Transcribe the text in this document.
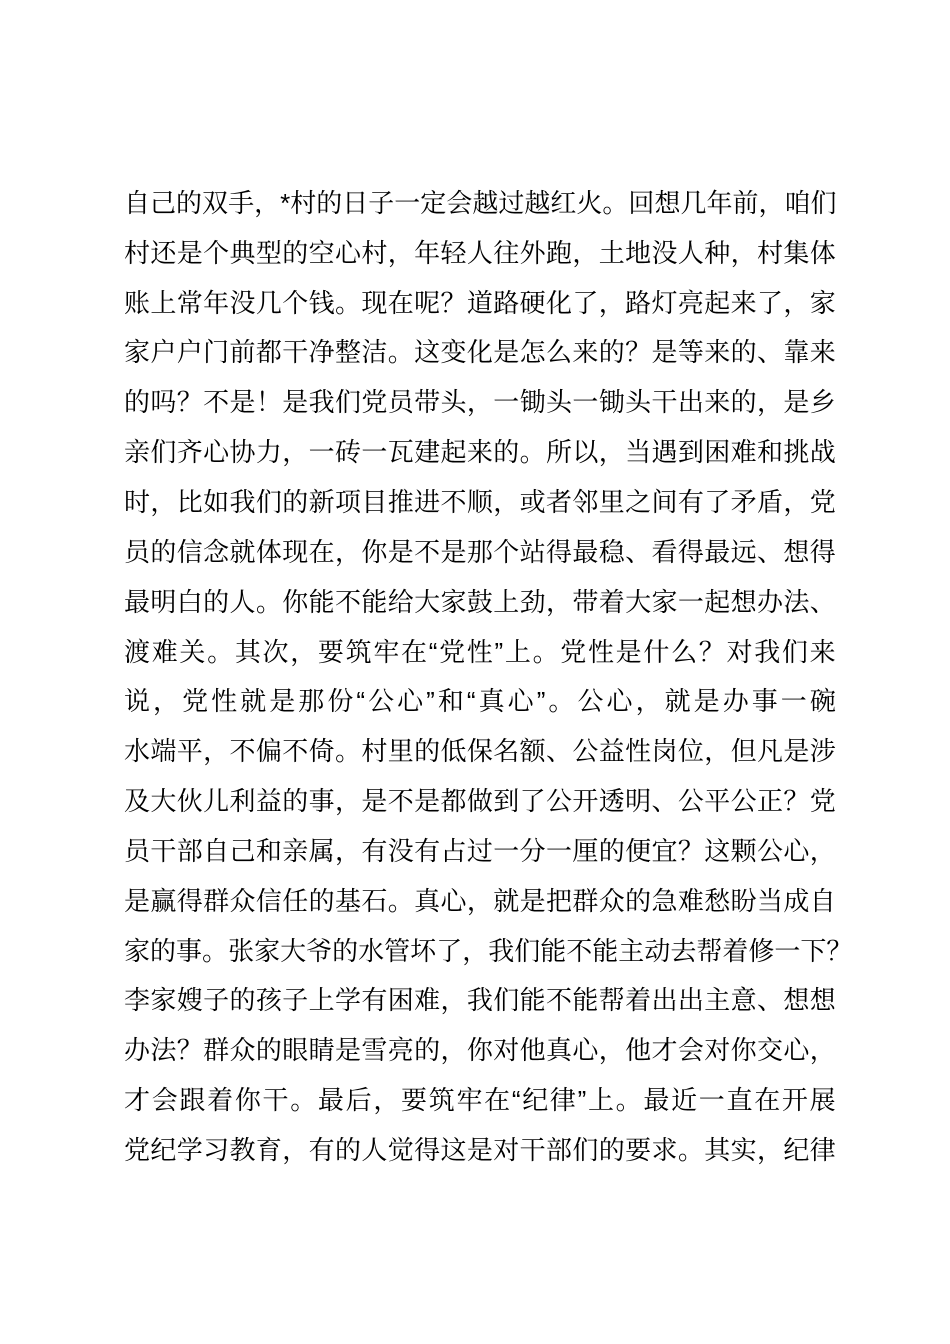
自 己 的 双 手 ， * 村 的 日 子 一 定 会 越 过 越 红 火 。 回 想 几 年 前 ， 咱 们
村 还 是 个 典 型 的 空 心 村 ， 年 轻 人 往 外 跑 ， 土 地 没 人 种 ， 村 集 体
账 上 常 年 没 几 个 钱 。 现 在 呢 ？ 道 路 硬 化 了 ， 路 灯 亮 起 来 了 ， 家
家 户 户 门 前 都 干 净 整 洁 。 这 变 化 是 怎 么 来 的 ？ 是 等 来 的 、 靠 来
的 吗 ？ 不 是 ！ 是 我 们 党 员 带 头 ， 一 锄 头 一 锄 头 干 出 来 的 ， 是 乡
亲 们 齐 心 协 力 ， 一 砖 一 瓦 建 起 来 的 。 所 以 ， 当 遇 到 困 难 和 挑 战
时 ， 比 如 我 们 的 新 项 目 推 进 不 顺 ， 或 者 邻 里 之 间 有 了 矛 盾 ， 党
员 的 信 念 就 体 现 在 ， 你 是 不 是 那 个 站 得 最 稳 、 看 得 最 远 、 想 得
最 明 白 的 人 。 你 能 不 能 给 大 家 鼓 上 劲 ， 带 着 大 家 一 起 想 办 法 、
渡 难 关 。 其 次 ， 要 筑 牢 在 “ 党 性 ” 上 。 党 性 是 什 么 ？ 对 我 们 来
说 ， 党 性 就 是 那 份 “ 公 心 ” 和 “ 真 心 ” 。 公 心 ， 就 是 办 事 一 碗
水 端 平 ， 不 偏 不 倚 。 村 里 的 低 保 名 额 、 公 益 性 岗 位 ， 但 凡 是 涉
及 大 伙 儿 利 益 的 事 ， 是 不 是 都 做 到 了 公 开 透 明 、 公 平 公 正 ？ 党
员 干 部 自 己 和 亲 属 ， 有 没 有 占 过 一 分 一 厘 的 便 宜 ？ 这 颗 公 心 ，
是 赢 得 群 众 信 任 的 基 石 。 真 心 ， 就 是 把 群 众 的 急 难 愁 盼 当 成 自
家 的 事 。 张 家 大 爷 的 水 管 坏 了 ， 我 们 能 不 能 主 动 去 帮 着 修 一 下 ？
李 家 嫂 子 的 孩 子 上 学 有 困 难 ， 我 们 能 不 能 帮 着 出 出 主 意 、 想 想
办 法 ？ 群 众 的 眼 睛 是 雪 亮 的 ， 你 对 他 真 心 ， 他 才 会 对 你 交 心 ，
才 会 跟 着 你 干 。 最 后 ， 要 筑 牢 在 “ 纪 律 ” 上 。 最 近 一 直 在 开 展
党 纪 学 习 教 育 ， 有 的 人 觉 得 这 是 对 干 部 们 的 要 求 。 其 实 ， 纪 律
